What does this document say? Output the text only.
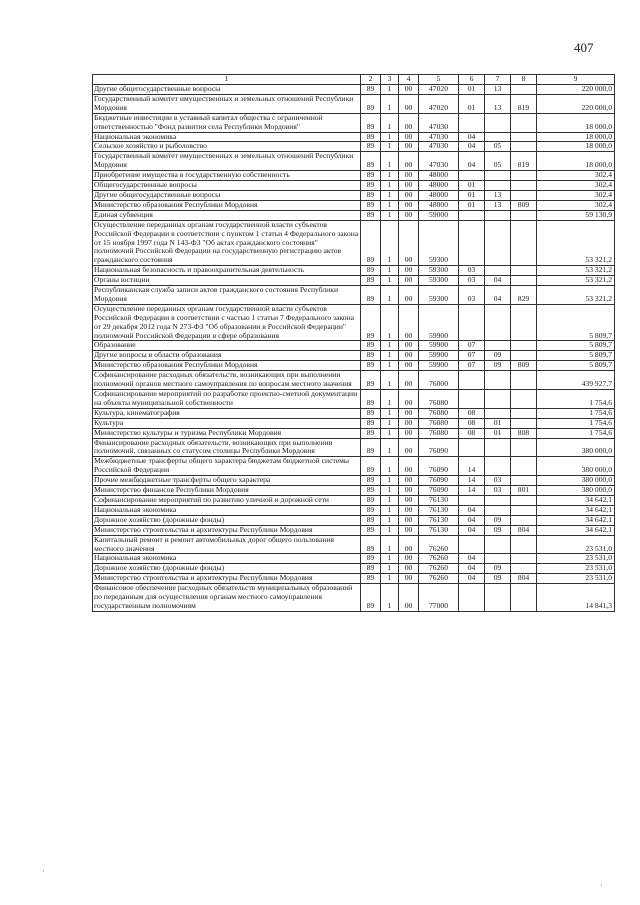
407
1	2	3	4	5	6	7	8	9
Другие общегосударственные вопросы	89	1	00	47020	01	13		220 000,0
Государственный комитет имущественных и земельных отношений Республики Мордовия	89	1	00	47020	01	13	819	220 000,0
Бюджетные инвестиции в уставный капитал общества с ограниченной ответственностью "Фонд развития села Республики Мордовия"	89	1	00	47030				18 000,0
Национальная экономика	89	1	00	47030	04			18 000,0
Сельское хозяйство и рыболовство	89	1	00	47030	04	05		18 000,0
Государственный комитет имущественных и земельных отношений Республики Мордовия	89	1	00	47030	04	05	819	18 000,0
Приобретение имущества в государственную собственность	89	1	00	48000				302,4
Общегосударственные вопросы	89	1	00	48000	01			302,4
Другие общегосударственные вопросы	89	1	00	48000	01	13		302,4
Министерство образования Республики Мордовия	89	1	00	48000	01	13	809	302,4
Единая субвенция	89	1	00	59000				59 130,9
Осуществление переданных органам государственной власти субъектов Российской Федерации в соответствии с пунктом 1 статьи 4 Федерального закона от 15 ноября 1997 года N 143-ФЗ "Об актах гражданского состояния" полномочий Российской Федерации на государственную регистрацию актов гражданского состояния	89	1	00	59300				53 321,2
Национальная безопасность и правоохранительная деятельность	89	1	00	59300	03			53 321,2
Органы юстиции	89	1	00	59300	03	04		53 321,2
Республиканская служба записи актов гражданского состояния Республики Мордовия	89	1	00	59300	03	04	829	53 321,2
Осуществление переданных органам государственной власти субъектов Российской Федерации в соответствии с частью 1 статьи 7 Федерального закона от 29 декабря 2012 года N 273-ФЗ "Об образовании в Российской Федерации" полномочий Российской Федерации в сфере образования	89	1	00	59900				5 809,7
Образование	89	1	00	59900	07			5 809,7
Другие вопросы в области образования	89	1	00	59900	07	09		5 809,7
Министерство образования Республики Мордовия	89	1	00	59900	07	09	809	5 809,7
Софинансирование расходных обязательств, возникающих при выполнении полномочий органов местного самоуправления по вопросам местного значения	89	1	00	76000				439 927,7
Софинансирование мероприятий по разработке проектно-сметной документации на объекты муниципальной собственности	89	1	00	76080				1 754,6
Культура, кинематография	89	1	00	76080	08			1 754,6
Культура	89	1	00	76080	08	01		1 754,6
Министерство культуры и туризма Республики Мордовия	89	1	00	76080	08	01	808	1 754,6
Финансирование расходных обязательств, возникающих при выполнении полномочий, связанных со статусом столицы Республики Мордовия	89	1	00	76090				380 000,0
Межбюджетные трансферты общего характера бюджетам бюджетной системы Российской Федерации	89	1	00	76090	14			380 000,0
Прочие межбюджетные трансферты общего характера	89	1	00	76090	14	03		380 000,0
Министерство финансов Республики Мордовия	89	1	00	76090	14	03	801	380 000,0
Софинансирование мероприятий по развитию уличной и дорожной сети	89	1	00	76130				34 642,1
Национальная экономика	89	1	00	76130	04			34 642,1
Дорожное хозяйство (дорожные фонды)	89	1	00	76130	04	09		34 642,1
Министерство строительства и архитектуры Республики Мордовия	89	1	00	76130	04	09	804	34 642,1
Капитальный ремонт и ремонт автомобильных дорог общего пользования местного значения	89	1	00	76260				23 531,0
Национальная экономика	89	1	00	76260	04			23 531,0
Дорожное хозяйство (дорожные фонды)	89	1	00	76260	04	09		23 531,0
Министерство строительства и архитектуры Республики Мордовия	89	1	00	76260	04	09	804	23 531,0
Финансовое обеспечение расходных обязательств муниципальных образований по переданным для осуществления органам местного самоуправления государственным полномочиям	89	1	00	77000				14 841,3
·
·
